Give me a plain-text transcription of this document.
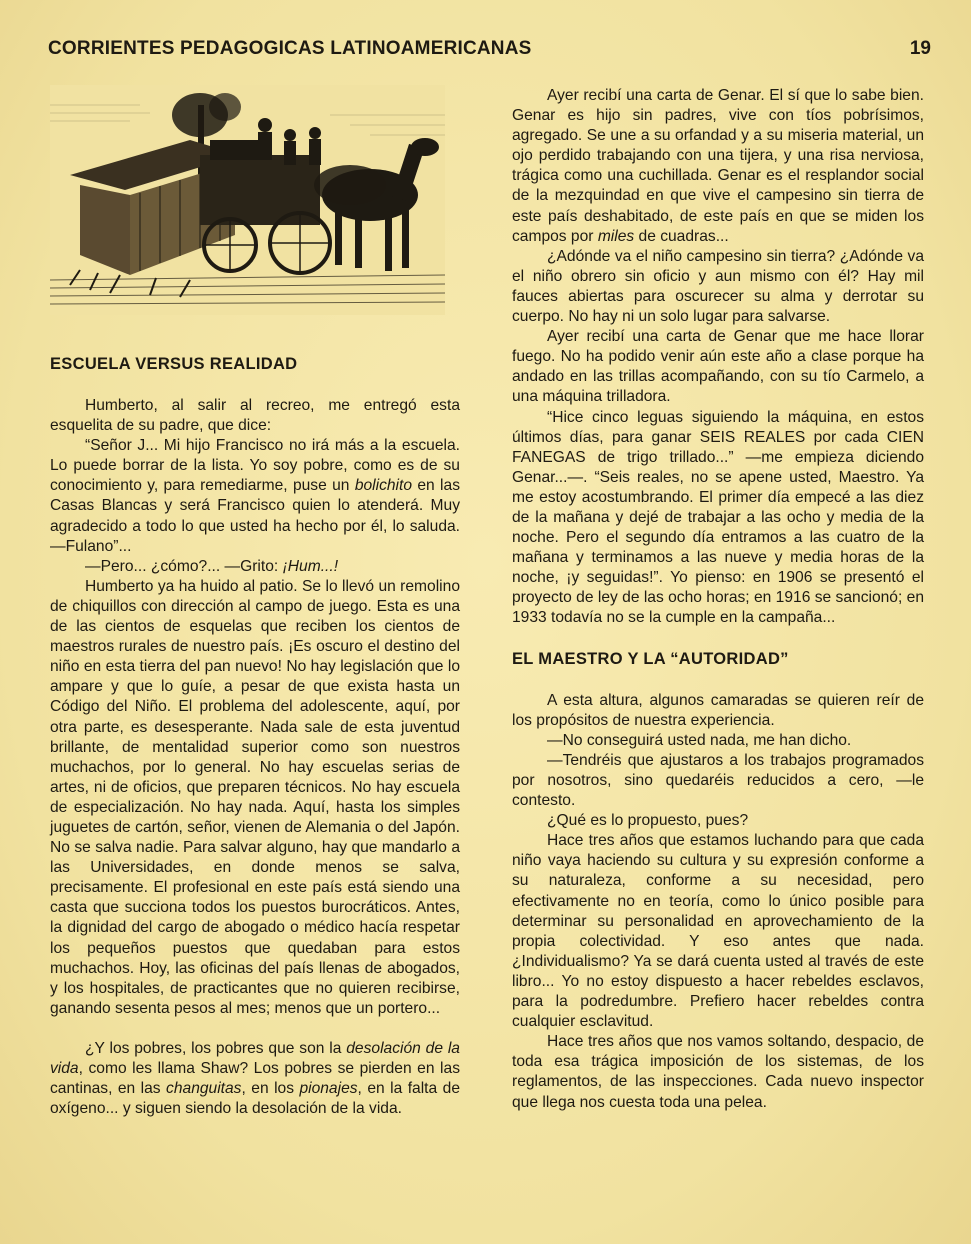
CORRIENTES PEDAGOGICAS LATINOAMERICANAS	19
ESCUELA VERSUS REALIDAD

Humberto, al salir al recreo, me entregó esta esquelita de su padre, que dice:

“Señor J... Mi hijo Francisco no irá más a la escuela. Lo puede borrar de la lista. Yo soy pobre, como es de su conocimiento y, para remediarme, puse un bolichito en las Casas Blancas y será Francisco quien lo atenderá. Muy agradecido a todo lo que usted ha hecho por él, lo saluda. —Fulano”...

—Pero... ¿cómo?... —Grito: ¡Hum...!

Humberto ya ha huido al patio. Se lo llevó un remolino de chiquillos con dirección al campo de juego. Esta es una de las cientos de esquelas que reciben los cientos de maestros rurales de nuestro país. ¡Es oscuro el destino del niño en esta tierra del pan nuevo! No hay legislación que lo ampare y que lo guíe, a pesar de que exista hasta un Código del Niño. El problema del adolescente, aquí, por otra parte, es desesperante. Nada sale de esta juventud brillante, de mentalidad superior como son nuestros muchachos, por lo general. No hay escuelas serias de artes, ni de oficios, que preparen técnicos. No hay escuela de especialización. No hay nada. Aquí, hasta los simples juguetes de cartón, señor, vienen de Alemania o del Japón. No se salva nadie. Para salvar alguno, hay que mandarlo a las Universidades, en donde menos se salva, precisamente. El profesional en este país está siendo una casta que succiona todos los puestos burocráticos. Antes, la dignidad del cargo de abogado o médico hacía respetar los pequeños puestos que quedaban para estos muchachos. Hoy, las oficinas del país llenas de abogados, y los hospitales, de practicantes que no quieren recibirse, ganando sesenta pesos al mes; menos que un portero...

¿Y los pobres, los pobres que son la desolación de la vida, como les llama Shaw? Los pobres se pierden en las cantinas, en las changuitas, en los pionajes, en la falta de oxígeno... y siguen siendo la desolación de la vida.

Ayer recibí una carta de Genar. El sí que lo sabe bien. Genar es hijo sin padres, vive con tíos pobrísimos, agregado. Se une a su orfandad y a su miseria material, un ojo perdido trabajando con una tijera, y una risa nerviosa, trágica como una cuchillada. Genar es el resplandor social de la mezquindad en que vive el campesino sin tierra de este país deshabitado, de este país en que se miden los campos por miles de cuadras...

¿Adónde va el niño campesino sin tierra? ¿Adónde va el niño obrero sin oficio y aun mismo con él? Hay mil fauces abiertas para oscurecer su alma y derrotar su cuerpo. No hay ni un solo lugar para salvarse.

Ayer recibí una carta de Genar que me hace llorar fuego. No ha podido venir aún este año a clase porque ha andado en las trillas acompañando, con su tío Carmelo, a una máquina trilladora.

“Hice cinco leguas siguiendo la máquina, en estos últimos días, para ganar SEIS REALES por cada CIEN FANEGAS de trigo trillado...” —me empieza diciendo Genar...—. “Seis reales, no se apene usted, Maestro. Ya me estoy acostumbrando. El primer día empecé a las diez de la mañana y dejé de trabajar a las ocho y media de la noche. Pero el segundo día entramos a las cuatro de la mañana y terminamos a las nueve y media horas de la noche, ¡y seguidas!”. Yo pienso: en 1906 se presentó el proyecto de ley de las ocho horas; en 1916 se sancionó; en 1933 todavía no se la cumple en la campaña...

EL MAESTRO Y LA “AUTORIDAD”

A esta altura, algunos camaradas se quieren reír de los propósitos de nuestra experiencia.

—No conseguirá usted nada, me han dicho.

—Tendréis que ajustaros a los trabajos programados por nosotros, sino quedaréis reducidos a cero, —le contesto.

¿Qué es lo propuesto, pues?

Hace tres años que estamos luchando para que cada niño vaya haciendo su cultura y su expresión conforme a su naturaleza, conforme a su necesidad, pero efectivamente no en teoría, como lo único posible para determinar su personalidad en aprovechamiento de la propia colectividad. Y eso antes que nada. ¿Individualismo? Ya se dará cuenta usted al través de este libro... Yo no estoy dispuesto a hacer rebeldes esclavos, para la podredumbre. Prefiero hacer rebeldes contra cualquier esclavitud.

Hace tres años que nos vamos soltando, despacio, de toda esa trágica imposición de los sistemas, de los reglamentos, de las inspecciones. Cada nuevo inspector que llega nos cuesta toda una pelea.
